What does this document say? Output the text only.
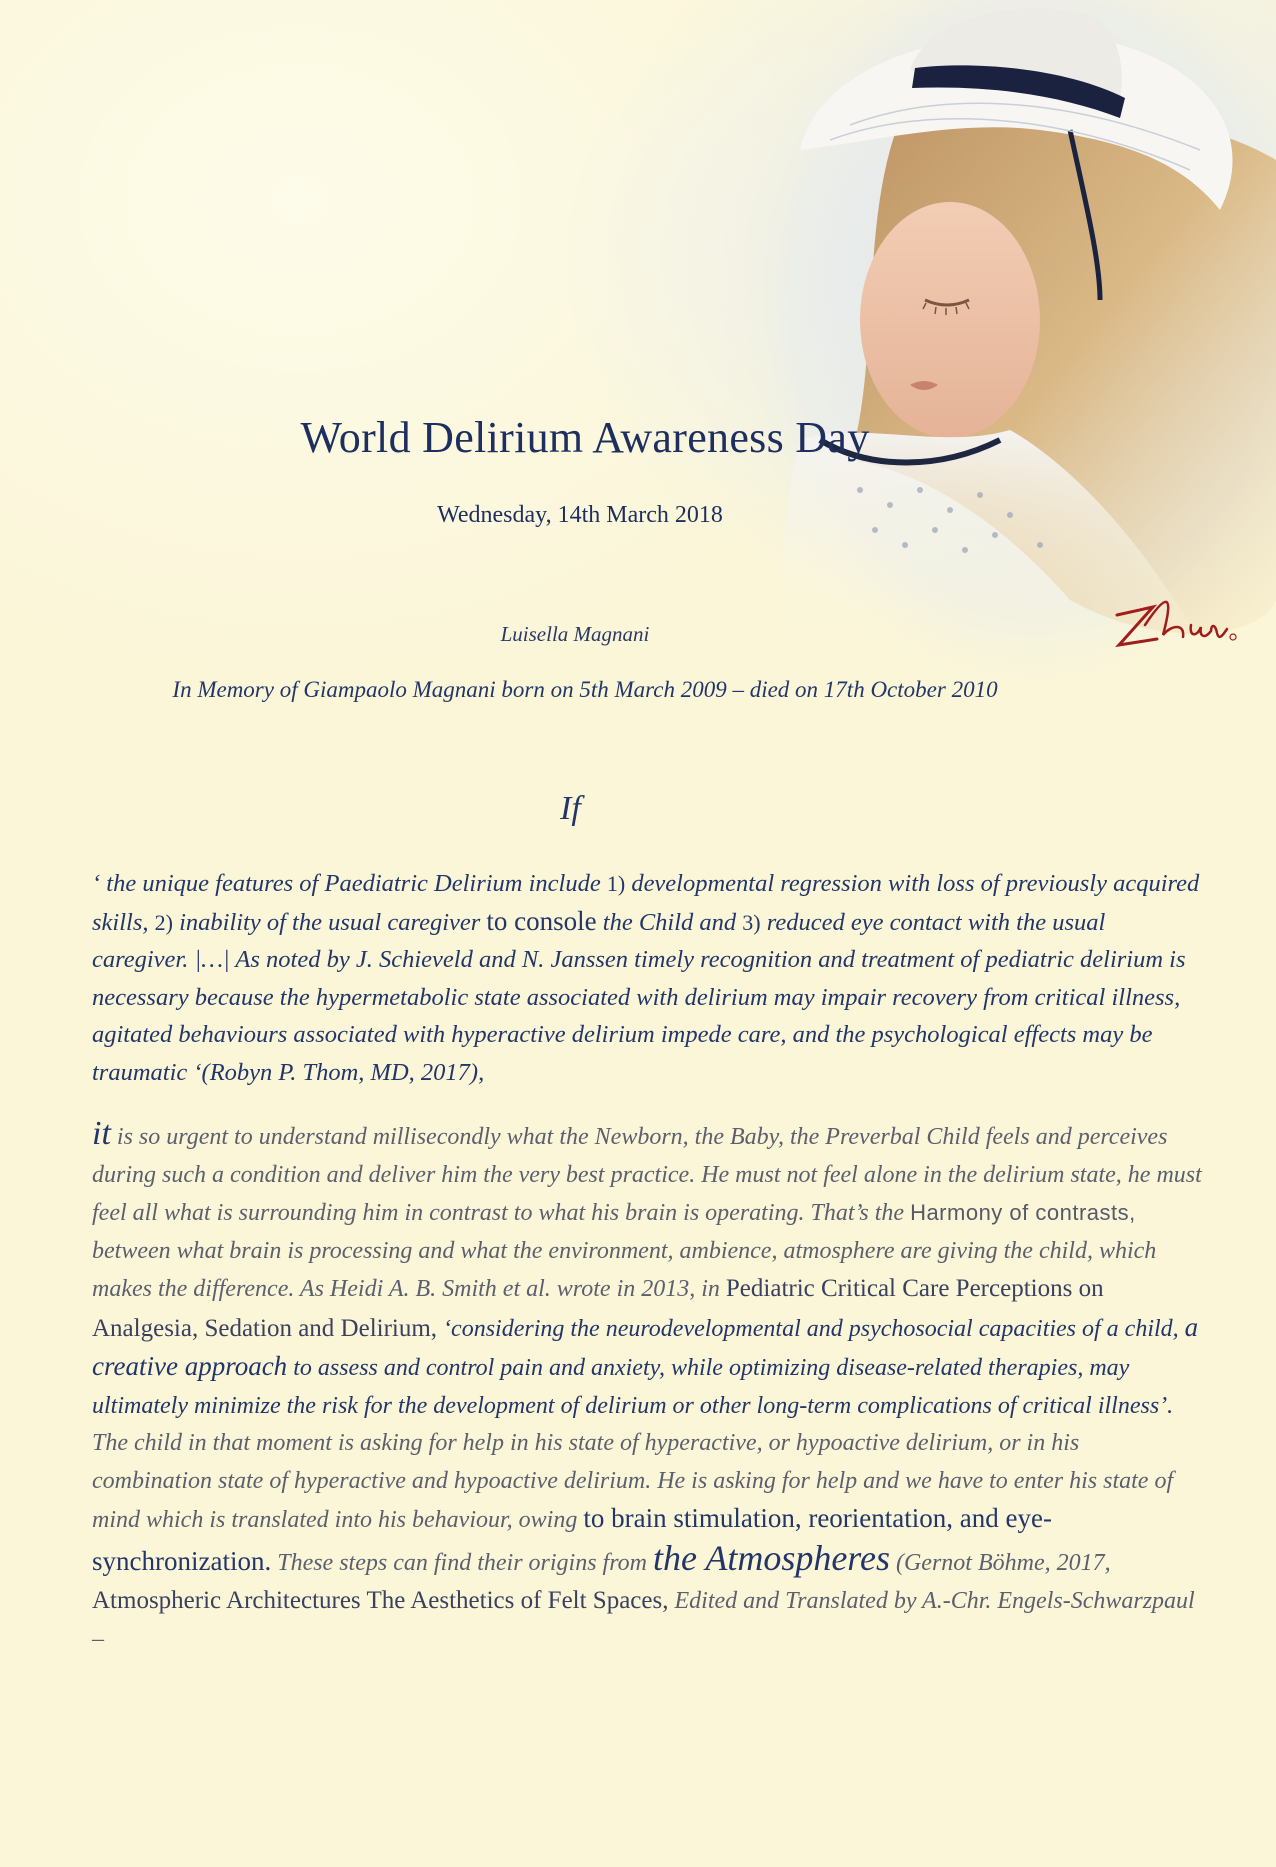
World Delirium Awareness Day
Wednesday, 14th March 2018
Luisella Magnani
In Memory of Giampaolo Magnani born on 5th March 2009 – died on 17th October 2010
If
‘ the unique features of Paediatric Delirium include 1) developmental regression with loss of previously acquired skills, 2) inability of the usual caregiver to console the Child and 3) reduced eye contact with the usual caregiver. |…| As noted by J. Schieveld and N. Janssen timely recognition and treatment of pediatric delirium is necessary because the hypermetabolic state associated with delirium may impair recovery from critical illness, agitated behaviours associated with hyperactive delirium impede care, and the psychological effects may be traumatic ‘(Robyn P. Thom, MD, 2017),
it is so urgent to understand millisecondly what the Newborn, the Baby, the Preverbal Child feels and perceives during such a condition and deliver him the very best practice. He must not feel alone in the delirium state, he must feel all what is surrounding him in contrast to what his brain is operating. That’s the Harmony of contrasts, between what brain is processing and what the environment, ambience, atmosphere are giving the child, which makes the difference. As Heidi A. B. Smith et al. wrote in 2013, in Pediatric Critical Care Perceptions on Analgesia, Sedation and Delirium, ‘considering the neurodevelopmental and psychosocial capacities of a child, a creative approach to assess and control pain and anxiety, while optimizing disease-related therapies, may ultimately minimize the risk for the development of delirium or other long-term complications of critical illness’. The child in that moment is asking for help in his state of hyperactive, or hypoactive delirium, or in his combination state of hyperactive and hypoactive delirium. He is asking for help and we have to enter his state of mind which is translated into his behaviour, owing to brain stimulation, reorientation, and eye-synchronization. These steps can find their origins from the Atmospheres (Gernot Böhme, 2017, Atmospheric Architectures The Aesthetics of Felt Spaces, Edited and Translated by A.-Chr. Engels-Schwarzpaul –
